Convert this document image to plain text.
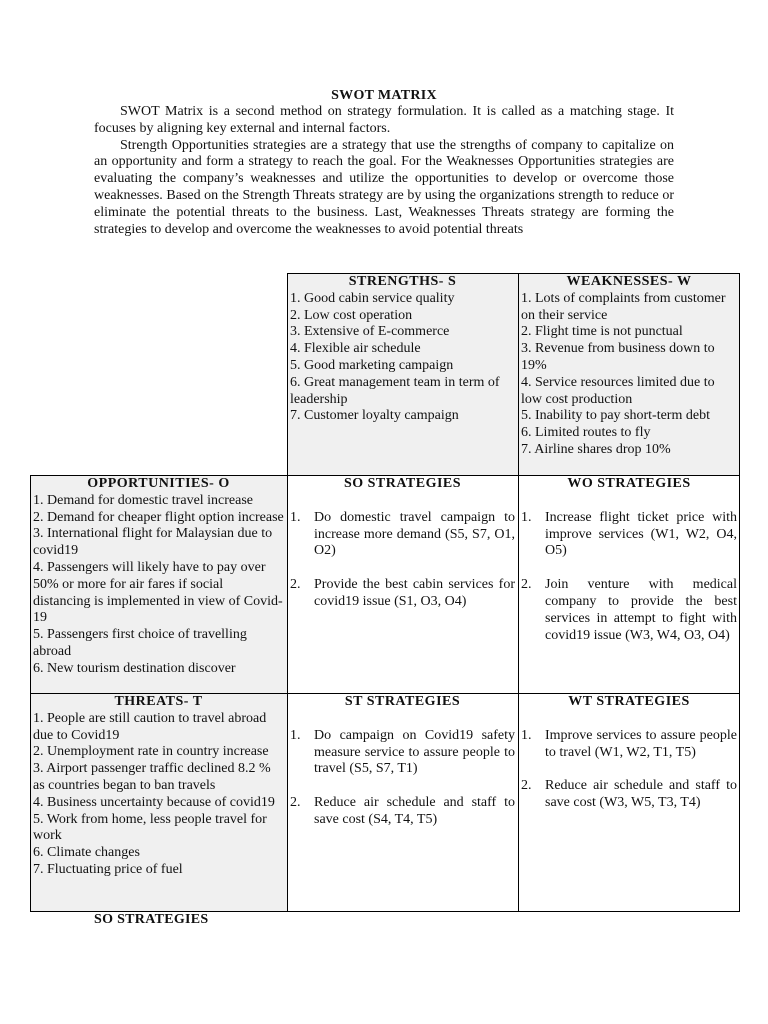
SWOT MATRIX

SWOT Matrix is a second method on strategy formulation. It is called as a matching stage. It focuses by aligning key external and internal factors.

Strength Opportunities strategies are a strategy that use the strengths of company to capitalize on an opportunity and form a strategy to reach the goal. For the Weaknesses Opportunities strategies are evaluating the company’s weaknesses and utilize the opportunities to develop or overcome those weaknesses. Based on the Strength Threats strategy are by using the organizations strength to reduce or eliminate the potential threats to the business. Last, Weaknesses Threats strategy are forming the strategies to develop and overcome the weaknesses to avoid potential threats

STRENGTHS- S
1. Good cabin service quality
2. Low cost operation
3. Extensive of E-commerce
4. Flexible air schedule
5. Good marketing campaign
6. Great management team in term of leadership
7. Customer loyalty campaign
WEAKNESSES- W
1. Lots of complaints from customer on their service
2. Flight time is not punctual
3. Revenue from business down to 19%
4. Service resources limited due to low cost production
5. Inability to pay short-term debt
6. Limited routes to fly
7. Airline shares drop 10%
OPPORTUNITIES- O
1. Demand for domestic travel increase
2. Demand for cheaper flight option increase
3. International flight for Malaysian due to covid19
4. Passengers will likely have to pay over 50% or more for air fares if social distancing is implemented in view of Covid-19
5. Passengers first choice of travelling abroad
6. New tourism destination discover
SO STRATEGIES
1. Do domestic travel campaign to increase more demand (S5, S7, O1, O2)
2. Provide the best cabin services for covid19 issue (S1, O3, O4)
WO STRATEGIES
1. Increase flight ticket price with improve services (W1, W2, O4, O5)
2. Join venture with medical company to provide the best services in attempt to fight with covid19 issue (W3, W4, O3, O4)
THREATS- T
1. People are still caution to travel abroad due to Covid19
2. Unemployment rate in country increase
3. Airport passenger traffic declined 8.2 % as countries began to ban travels
4. Business uncertainty because of covid19
5. Work from home, less people travel for work
6. Climate changes
7. Fluctuating price of fuel
ST STRATEGIES
1. Do campaign on Covid19 safety measure service to assure people to travel (S5, S7, T1)
2. Reduce air schedule and staff to save cost (S4, T4, T5)
WT STRATEGIES
1. Improve services to assure people to travel (W1, W2, T1, T5)
2. Reduce air schedule and staff to save cost (W3, W5, T3, T4)
SO STRATEGIES
